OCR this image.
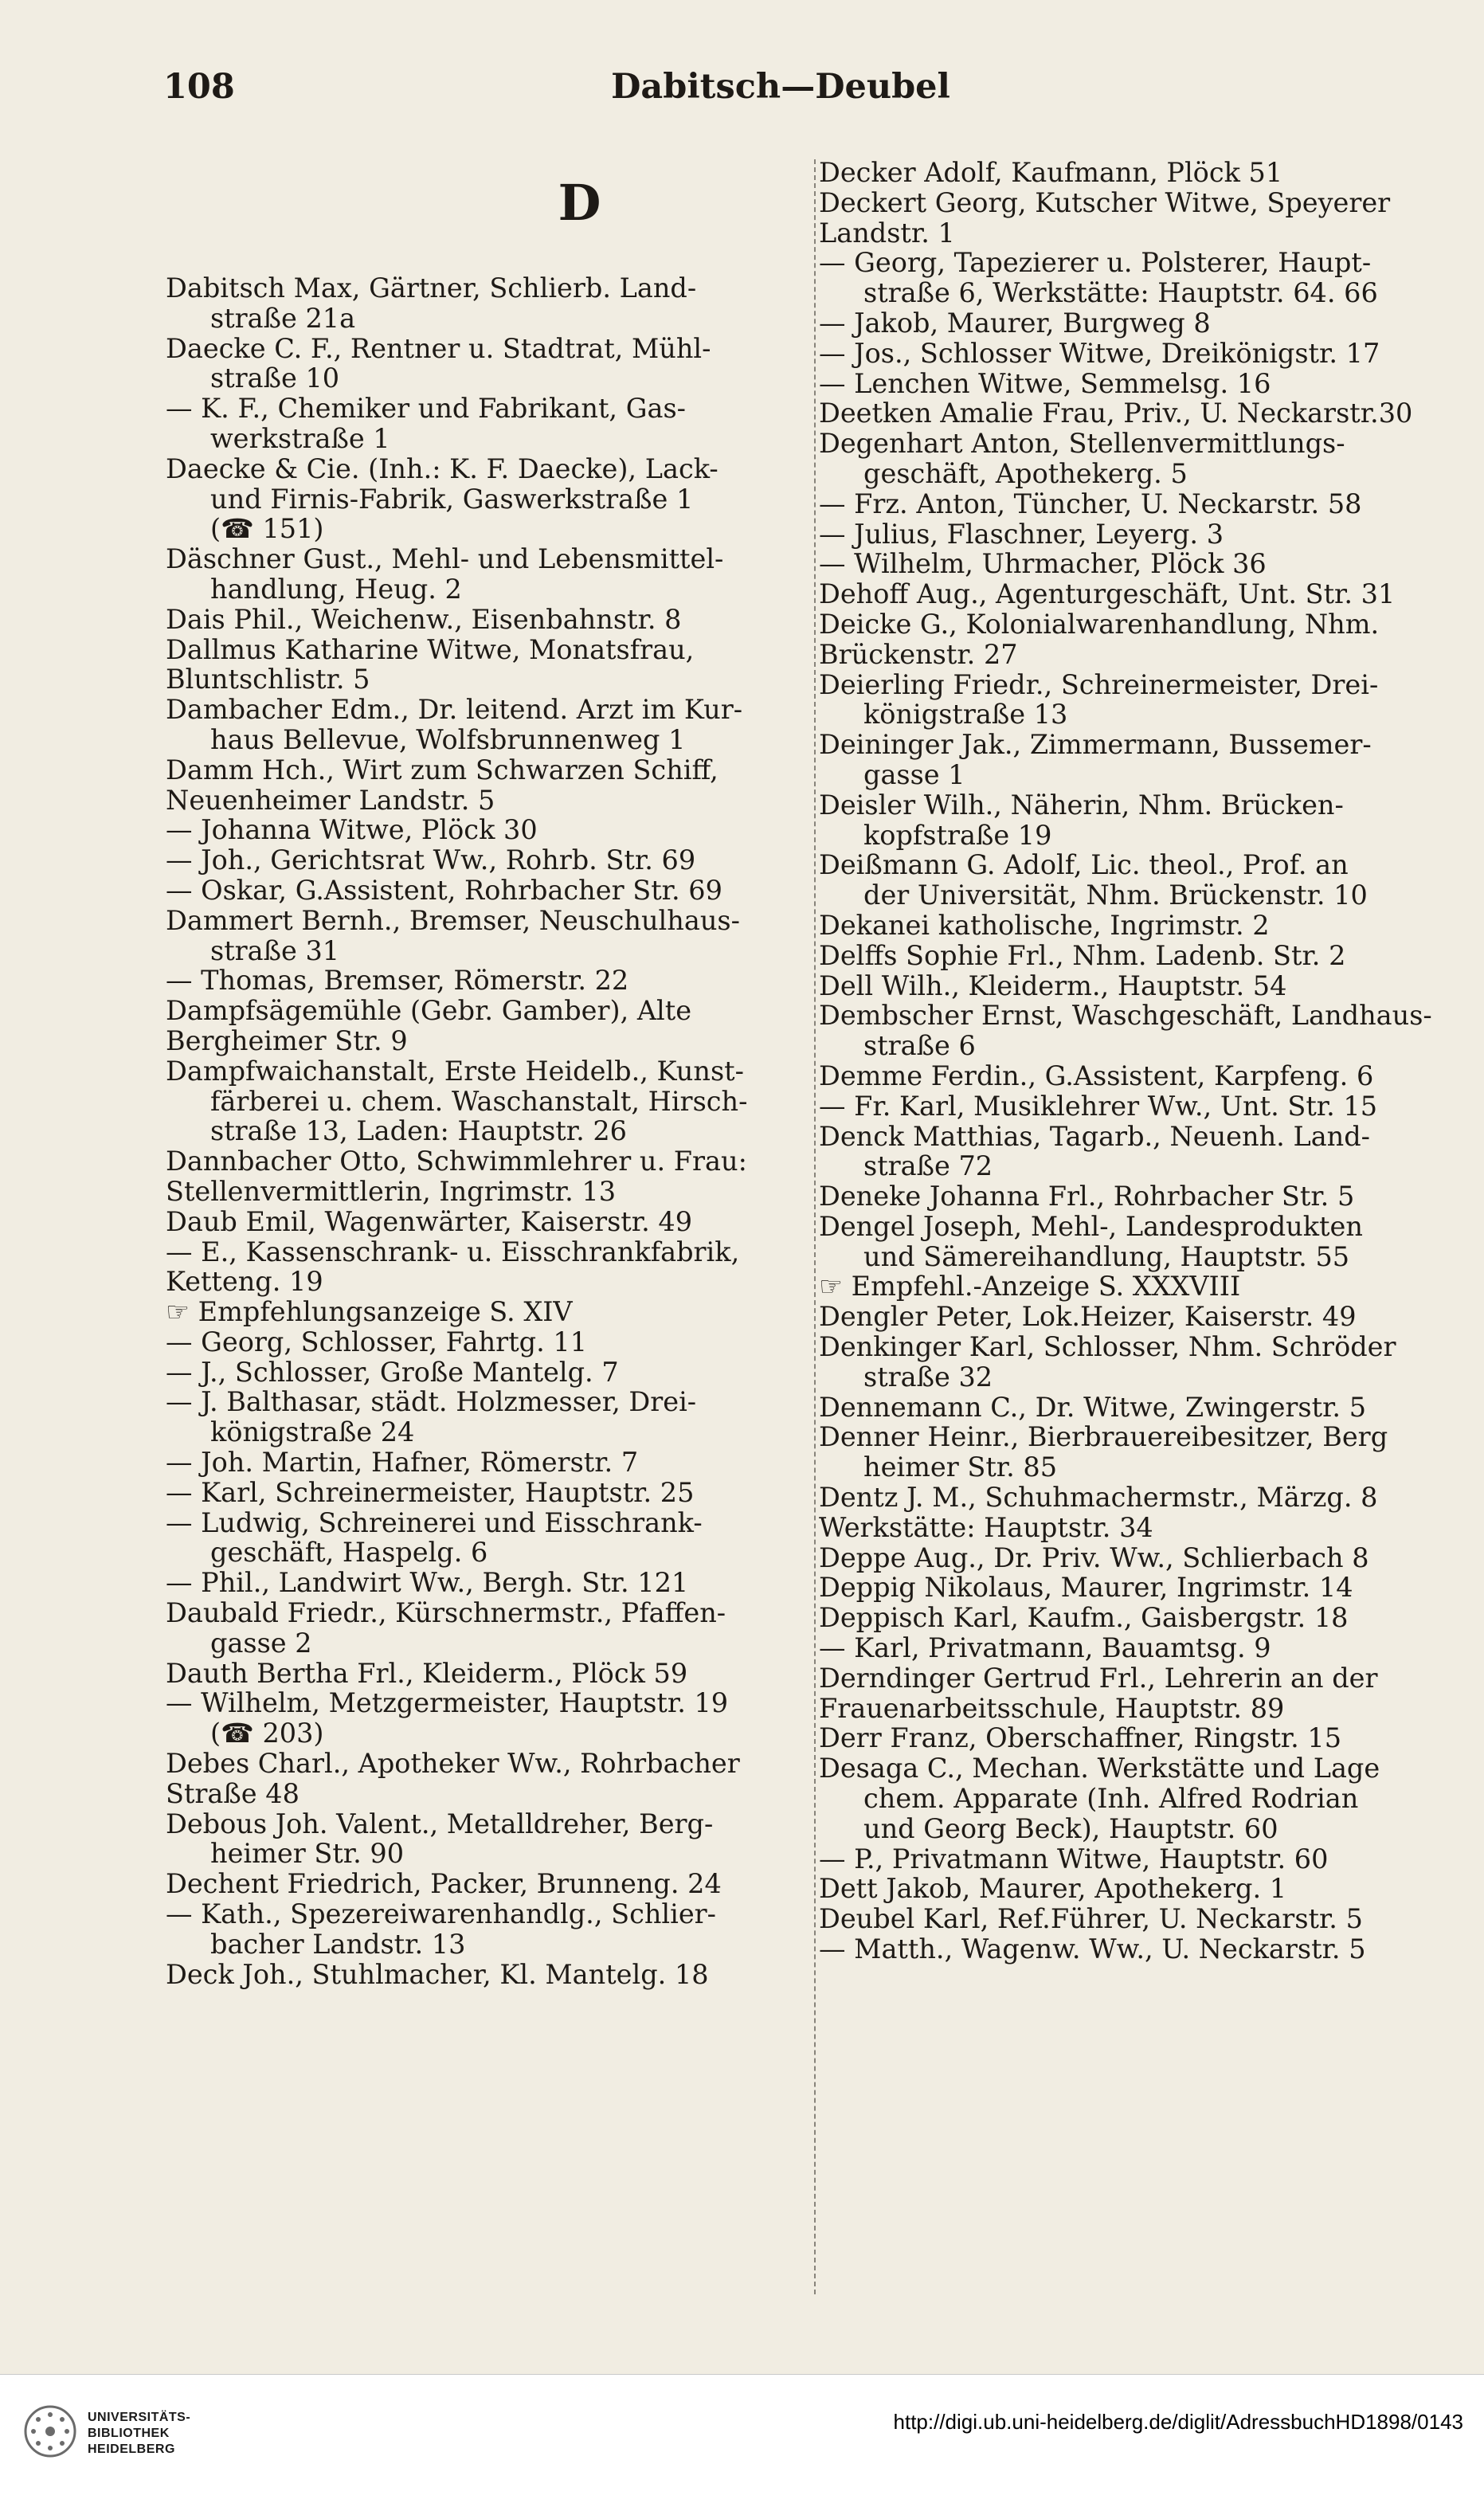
108	Dabitsch—Deubel
D
Dabitsch Max, Gärtner, Schlierb. Land-
straße 21a
Daecke C. F., Rentner u. Stadtrat, Mühl-
straße 10
— K. F., Chemiker und Fabrikant, Gas-
werkstraße 1
Daecke & Cie. (Inh.: K. F. Daecke), Lack-
und Firnis-Fabrik, Gaswerkstraße 1
(☎ 151)
Däschner Gust., Mehl- und Lebensmittel-
handlung, Heug. 2
Dais Phil., Weichenw., Eisenbahnstr. 8
Dallmus Katharine Witwe, Monatsfrau,
Bluntschlistr. 5
Dambacher Edm., Dr. leitend. Arzt im Kur-
haus Bellevue, Wolfsbrunnenweg 1
Damm Hch., Wirt zum Schwarzen Schiff,
Neuenheimer Landstr. 5
— Johanna Witwe, Plöck 30
— Joh., Gerichtsrat Ww., Rohrb. Str. 69
— Oskar, G.Assistent, Rohrbacher Str. 69
Dammert Bernh., Bremser, Neuschulhaus-
straße 31
— Thomas, Bremser, Römerstr. 22
Dampfsägemühle (Gebr. Gamber), Alte
Bergheimer Str. 9
Dampfwaichanstalt, Erste Heidelb., Kunst-
färberei u. chem. Waschanstalt, Hirsch-
straße 13, Laden: Hauptstr. 26
Dannbacher Otto, Schwimmlehrer u. Frau:
Stellenvermittlerin, Ingrimstr. 13
Daub Emil, Wagenwärter, Kaiserstr. 49
— E., Kassenschrank- u. Eisschrankfabrik,
Ketteng. 19
☞ Empfehlungsanzeige S. XIV
— Georg, Schlosser, Fahrtg. 11
— J., Schlosser, Große Mantelg. 7
— J. Balthasar, städt. Holzmesser, Drei-
königstraße 24
— Joh. Martin, Hafner, Römerstr. 7
— Karl, Schreinermeister, Hauptstr. 25
— Ludwig, Schreinerei und Eisschrank-
geschäft, Haspelg. 6
— Phil., Landwirt Ww., Bergh. Str. 121
Daubald Friedr., Kürschnermstr., Pfaffen-
gasse 2
Dauth Bertha Frl., Kleiderm., Plöck 59
— Wilhelm, Metzgermeister, Hauptstr. 19
(☎ 203)
Debes Charl., Apotheker Ww., Rohrbacher
Straße 48
Debous Joh. Valent., Metalldreher, Berg-
heimer Str. 90
Dechent Friedrich, Packer, Brunneng. 24
— Kath., Spezereiwarenhandlg., Schlier-
bacher Landstr. 13
Deck Joh., Stuhlmacher, Kl. Mantelg. 18
Decker Adolf, Kaufmann, Plöck 51
Deckert Georg, Kutscher Witwe, Speyerer
Landstr. 1
— Georg, Tapezierer u. Polsterer, Haupt-
straße 6, Werkstätte: Hauptstr. 64. 66
— Jakob, Maurer, Burgweg 8
— Jos., Schlosser Witwe, Dreikönigstr. 17
— Lenchen Witwe, Semmelsg. 16
Deetken Amalie Frau, Priv., U. Neckarstr.30
Degenhart Anton, Stellenvermittlungs-
geschäft, Apothekerg. 5
— Frz. Anton, Tüncher, U. Neckarstr. 58
— Julius, Flaschner, Leyerg. 3
— Wilhelm, Uhrmacher, Plöck 36
Dehoff Aug., Agenturgeschäft, Unt. Str. 31
Deicke G., Kolonialwarenhandlung, Nhm.
Brückenstr. 27
Deierling Friedr., Schreinermeister, Drei-
königstraße 13
Deininger Jak., Zimmermann, Bussemer-
gasse 1
Deisler Wilh., Näherin, Nhm. Brücken-
kopfstraße 19
Deißmann G. Adolf, Lic. theol., Prof. an
der Universität, Nhm. Brückenstr. 10
Dekanei katholische, Ingrimstr. 2
Delffs Sophie Frl., Nhm. Ladenb. Str. 2
Dell Wilh., Kleiderm., Hauptstr. 54
Dembscher Ernst, Waschgeschäft, Landhaus-
straße 6
Demme Ferdin., G.Assistent, Karpfeng. 6
— Fr. Karl, Musiklehrer Ww., Unt. Str. 15
Denck Matthias, Tagarb., Neuenh. Land-
straße 72
Deneke Johanna Frl., Rohrbacher Str. 5
Dengel Joseph, Mehl-, Landesprodukten
und Sämereihandlung, Hauptstr. 55
☞ Empfehl.-Anzeige S. XXXVIII
Dengler Peter, Lok.Heizer, Kaiserstr. 49
Denkinger Karl, Schlosser, Nhm. Schröder
straße 32
Dennemann C., Dr. Witwe, Zwingerstr. 5
Denner Heinr., Bierbrauereibesitzer, Berg
heimer Str. 85
Dentz J. M., Schuhmachermstr., Märzg. 8
Werkstätte: Hauptstr. 34
Deppe Aug., Dr. Priv. Ww., Schlierbach 8
Deppig Nikolaus, Maurer, Ingrimstr. 14
Deppisch Karl, Kaufm., Gaisbergstr. 18
— Karl, Privatmann, Bauamtsg. 9
Derndinger Gertrud Frl., Lehrerin an der
Frauenarbeitsschule, Hauptstr. 89
Derr Franz, Oberschaffner, Ringstr. 15
Desaga C., Mechan. Werkstätte und Lage
chem. Apparate (Inh. Alfred Rodrian
und Georg Beck), Hauptstr. 60
— P., Privatmann Witwe, Hauptstr. 60
Dett Jakob, Maurer, Apothekerg. 1
Deubel Karl, Ref.Führer, U. Neckarstr. 5
— Matth., Wagenw. Ww., U. Neckarstr. 5
UNIVERSITÄTS-
BIBLIOTHEK
HEIDELBERG
http://digi.ub.uni-heidelberg.de/diglit/AdressbuchHD1898/0143
